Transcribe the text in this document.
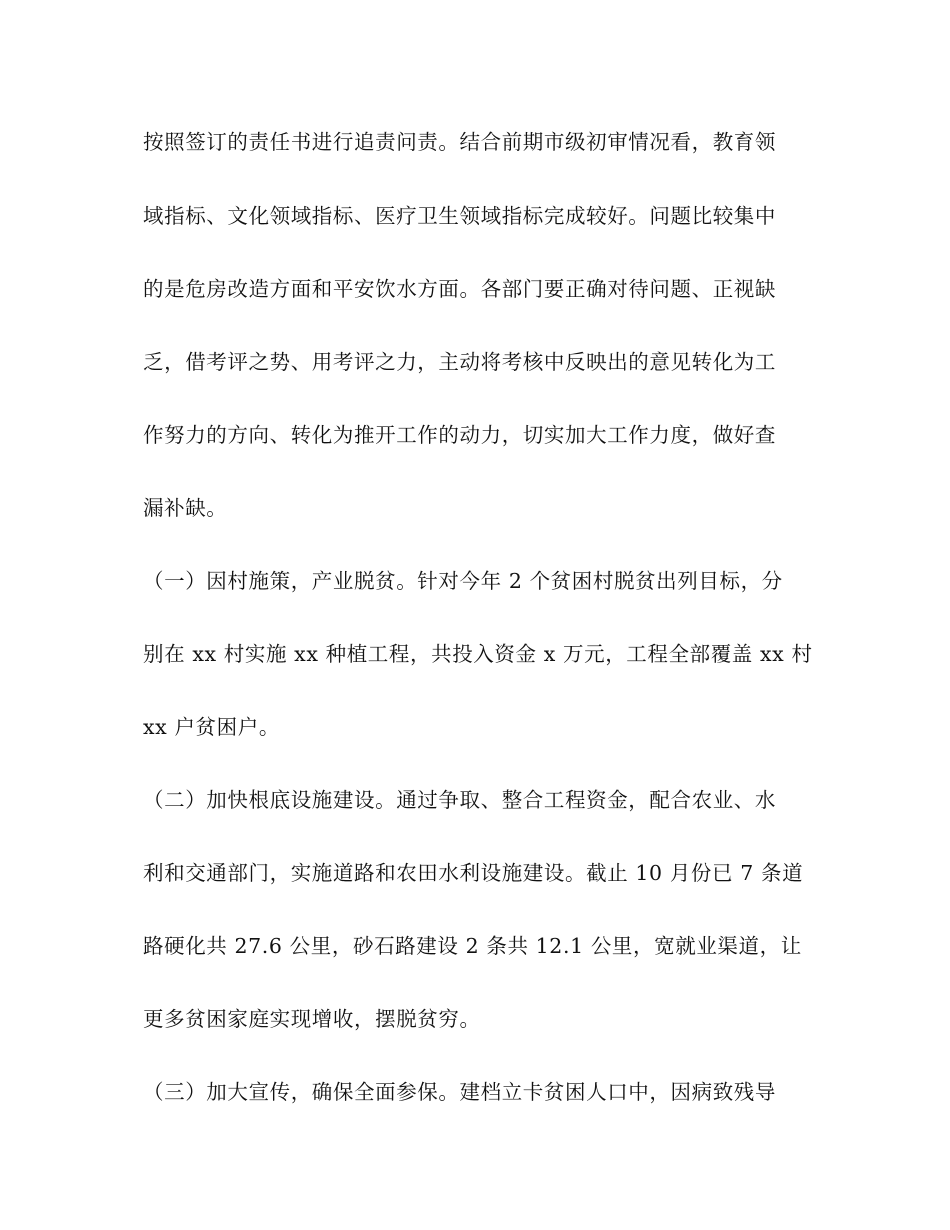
按照签订的责任书进行追责问责。结合前期市级初审情况看，教育领
域指标、文化领域指标、医疗卫生领域指标完成较好。问题比较集中
的是危房改造方面和平安饮水方面。各部门要正确对待问题、正视缺
乏，借考评之势、用考评之力，主动将考核中反映出的意见转化为工
作努力的方向、转化为推开工作的动力，切实加大工作力度，做好查
漏补缺。
（一）因村施策，产业脱贫。针对今年 2 个贫困村脱贫出列目标，分
别在 xx 村实施 xx 种植工程，共投入资金 x 万元，工程全部覆盖 xx 村
xx 户贫困户。
（二）加快根底设施建设。通过争取、整合工程资金，配合农业、水
利和交通部门，实施道路和农田水利设施建设。截止 10 月份已 7 条道
路硬化共 27.6 公里，砂石路建设 2 条共 12.1 公里，宽就业渠道，让
更多贫困家庭实现增收，摆脱贫穷。
（三）加大宣传，确保全面参保。建档立卡贫困人口中，因病致残导
